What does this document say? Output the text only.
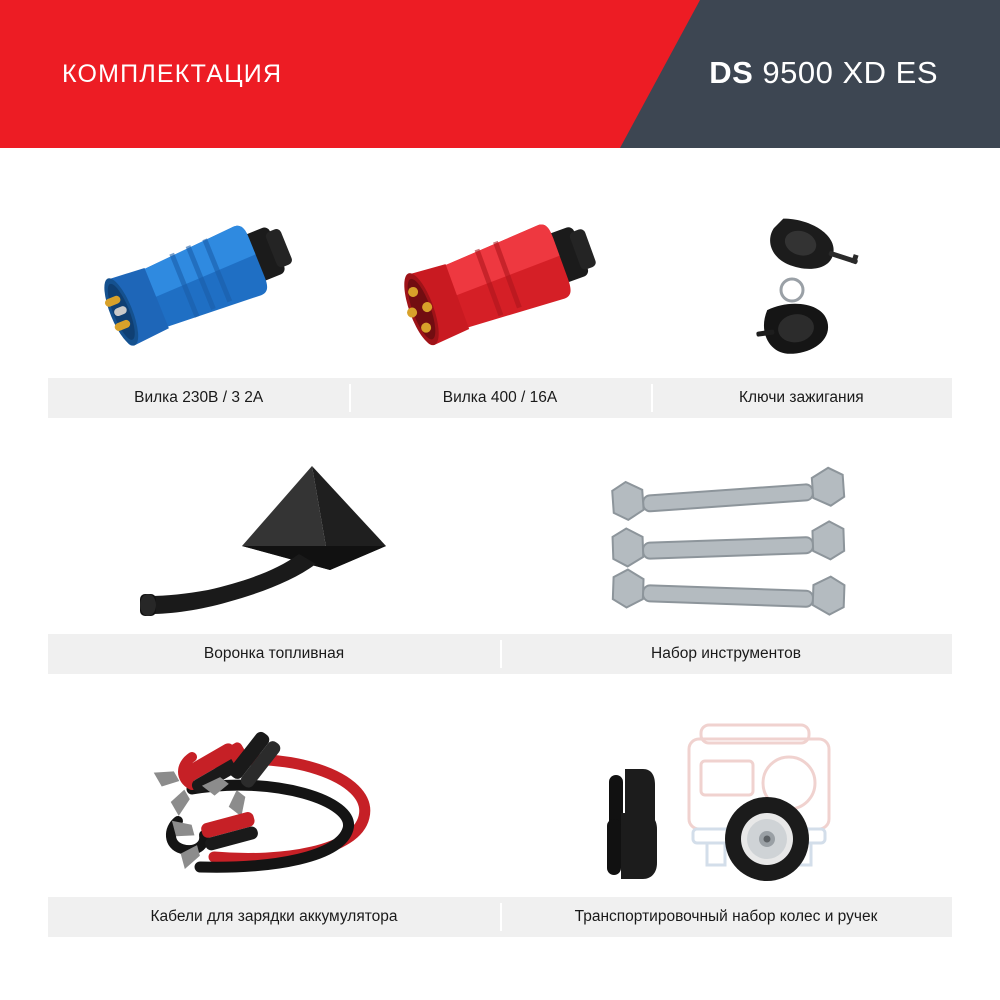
КОМПЛЕКТАЦИЯ	DS 9500 XD ES
Вилка 230В / 3 2А	Вилка 400 / 16А	Ключи зажигания
Воронка топливная	Набор инструментов
Кабели для зарядки аккумулятора	Транспортировочный набор колес и ручек
